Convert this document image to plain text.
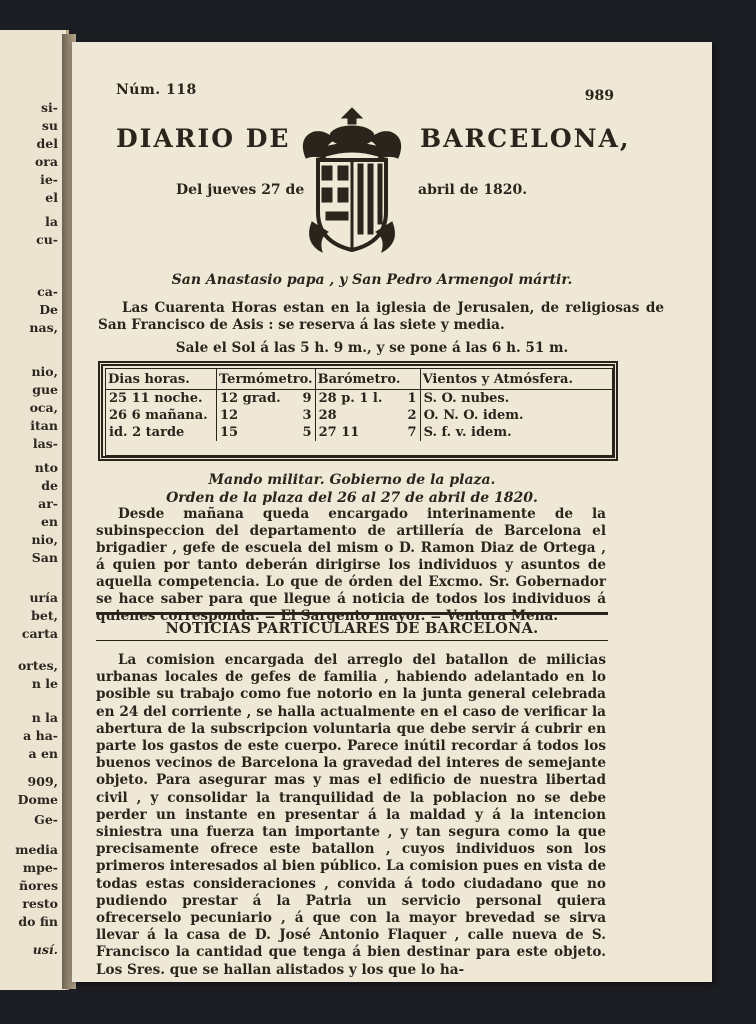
si-
su
del
ora
ie-
el
la
cu-
ca-
De
nas,
nio,
gue
oca,
itan
las-
nto
de
ar-
en
nio,
San
uría
bet,
carta
ortes,
n le
n la
a ha-
a en
909,
Dome
Ge-
media
mpe-
ñores
resto
do fin
usí.
Núm. 118	989
DIARIO DE	BARCELONA,
Del jueves 27 de	abril de 1820.
San Anastasio papa , y San Pedro Armengol mártir.
Las Cuarenta Horas estan en la iglesia de Jerusalen, de religiosas de San Francisco de Asis : se reserva á las siete y media.
Sale el Sol á las 5 h. 9 m., y se pone á las 6 h. 51 m.
Dias horas.	Termómetro.	Barómetro.	Vientos y Atmósfera.
25 11 noche.	12 grad. 9	28 p. 1 l. 1	S. O. nubes.
26 6 mañana.	12 3	28 2	O. N. O. idem.
id. 2 tarde	15 5	27 11 7	S. f. v. idem.
Mando militar. Gobierno de la plaza.
Orden de la plaza del 26 al 27 de abril de 1820.
Desde mañana queda encargado interinamente de la subinspeccion del departamento de artillería de Barcelona el brigadier , gefe de escuela del mism o D. Ramon Diaz de Ortega , á quien por tanto deberán dirigirse los individuos y asuntos de aquella competencia. Lo que de órden del Excmo. Sr. Gobernador se hace saber para que llegue á noticia de todos los individuos á quienes corresponda. = El Sargento mayor. = Ventura Mena.
NOTICIAS PARTICULARES DE BARCELONA.
La comision encargada del arreglo del batallon de milicias urbanas locales de gefes de familia , habiendo adelantado en lo posible su trabajo como fue notorio en la junta general celebrada en 24 del corriente , se halla actualmente en el caso de verificar la abertura de la subscripcion voluntaria que debe servir á cubrir en parte los gastos de este cuerpo. Parece inútil recordar á todos los buenos vecinos de Barcelona la gravedad del interes de semejante objeto. Para asegurar mas y mas el edificio de nuestra libertad civil , y consolidar la tranquilidad de la poblacion no se debe perder un instante en presentar á la maldad y á la intencion siniestra una fuerza tan importante , y tan segura como la que precisamente ofrece este batallon , cuyos individuos son los primeros interesados al bien público. La comision pues en vista de todas estas consideraciones , convida á todo ciudadano que no pudiendo prestar á la Patria un servicio personal quiera ofrecerselo pecuniario , á que con la mayor brevedad se sirva llevar á la casa de D. José Antonio Flaquer , calle nueva de S. Francisco la cantidad que tenga á bien destinar para este objeto. Los Sres. que se hallan alistados y los que lo ha-
